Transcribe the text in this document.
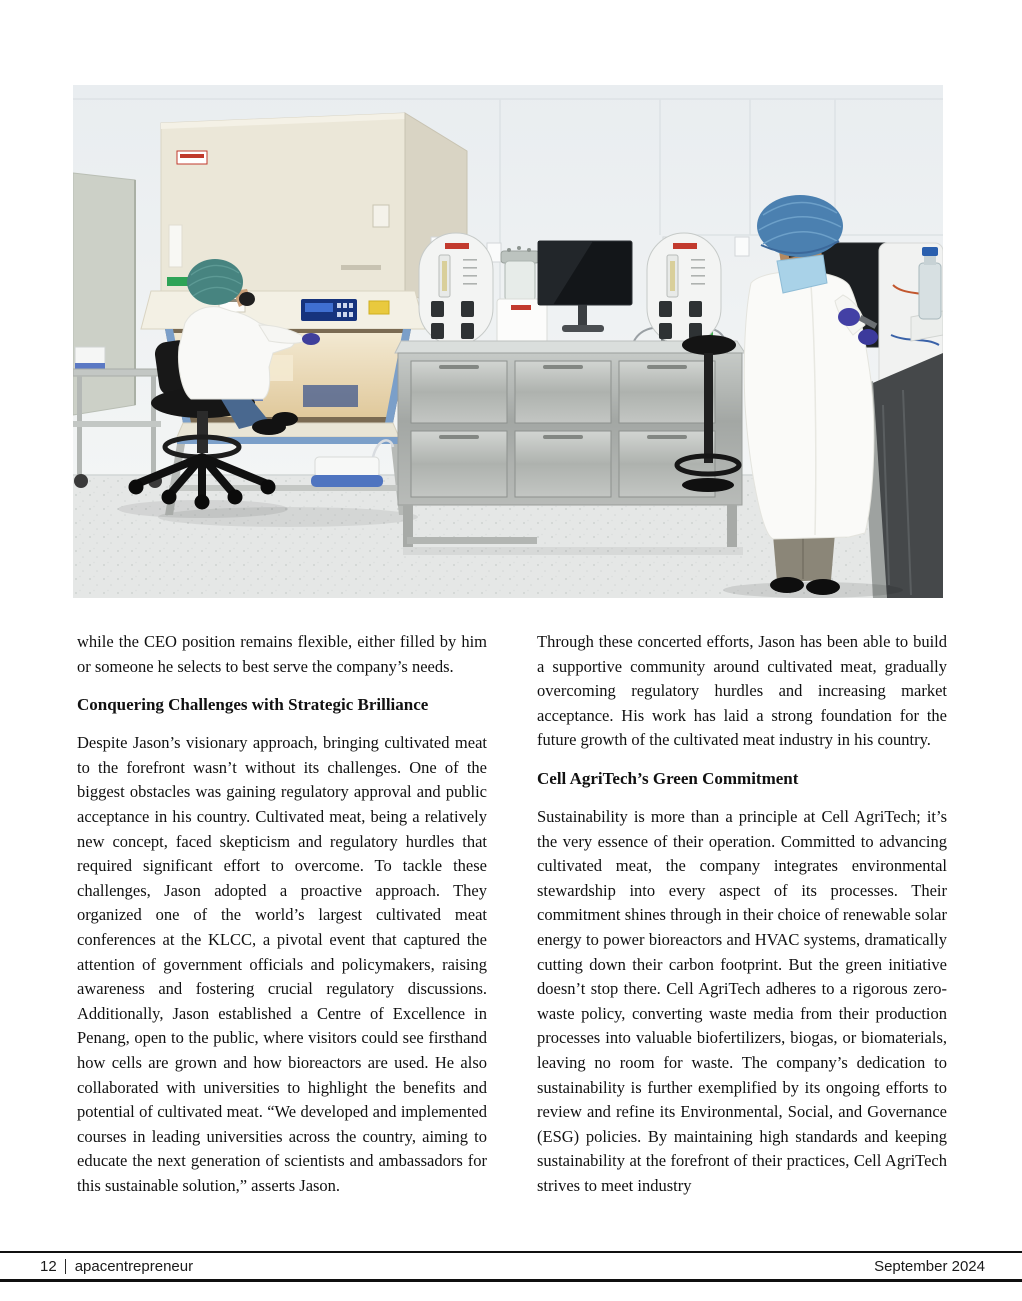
while the CEO position remains flexible, either filled by him or someone he selects to best serve the company’s needs.

Conquering Challenges with Strategic Brilliance

Despite Jason’s visionary approach, bringing cultivated meat to the forefront wasn’t without its challenges. One of the biggest obstacles was gaining regulatory approval and public acceptance in his country. Cultivated meat, being a relatively new concept, faced skepticism and regulatory hurdles that required significant effort to overcome. To tackle these challenges, Jason adopted a proactive approach. They organized one of the world’s largest cultivated meat conferences at the KLCC, a pivotal event that captured the attention of government officials and policymakers, raising awareness and fostering crucial regulatory discussions. Additionally, Jason established a Centre of Excellence in Penang, open to the public, where visitors could see firsthand how cells are grown and how bioreactors are used. He also collaborated with universities to highlight the benefits and potential of cultivated meat. “We developed and implemented courses in leading universities across the country, aiming to educate the next generation of scientists and ambassadors for this sustainable solution,” asserts Jason.

Through these concerted efforts, Jason has been able to build a supportive community around cultivated meat, gradually overcoming regulatory hurdles and increasing market acceptance. His work has laid a strong foundation for the future growth of the cultivated meat industry in his country.

Cell AgriTech’s Green Commitment

Sustainability is more than a principle at Cell AgriTech; it’s the very essence of their operation. Committed to advancing cultivated meat, the company integrates environmental stewardship into every aspect of its processes. Their commitment shines through in their choice of renewable solar energy to power bioreactors and HVAC systems, dramatically cutting down their carbon footprint. But the green initiative doesn’t stop there. Cell AgriTech adheres to a rigorous zero-waste policy, converting waste media from their production processes into valuable biofertilizers, biogas, or biomaterials, leaving no room for waste. The company’s dedication to sustainability is further exemplified by its ongoing efforts to review and refine its Environmental, Social, and Governance (ESG) policies. By maintaining high standards and keeping sustainability at the forefront of their practices, Cell AgriTech strives to meet industry

12 apacentrepreneur	September 2024
